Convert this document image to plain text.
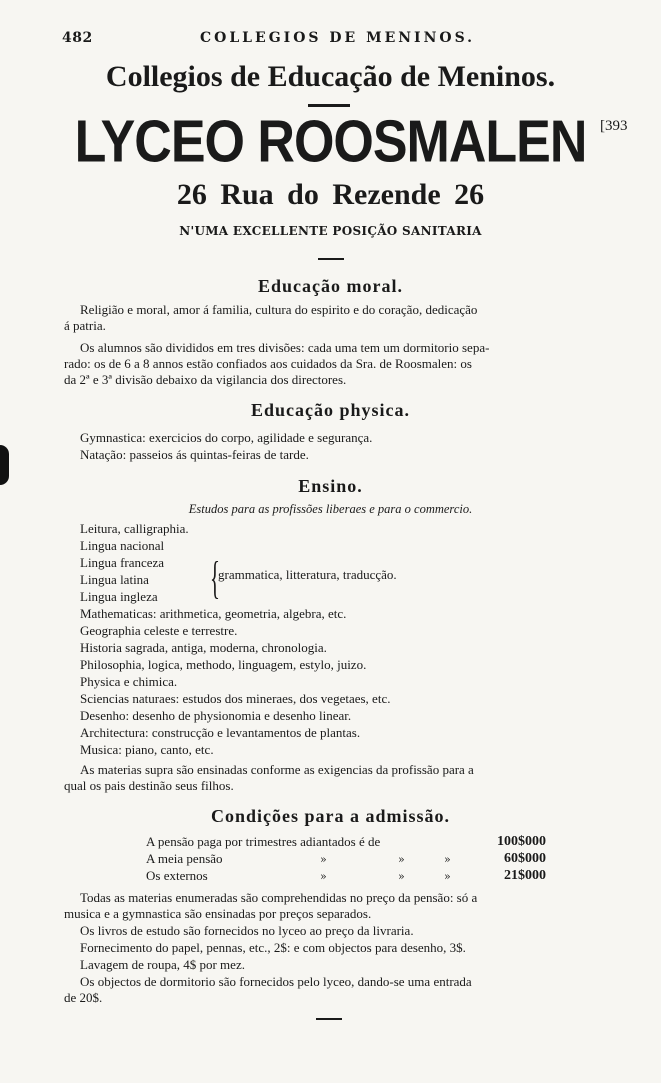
482	COLLEGIOS DE MENINOS.
Collegios de Educação de Meninos.
LYCEO ROOSMALEN [393
26 Rua do Rezende 26
N'UMA EXCELLENTE POSIÇÃO SANITARIA
Educação moral.
Religião e moral, amor á familia, cultura do espirito e do coração, dedicação
á patria.
Os alumnos são divididos em tres divisões: cada uma tem um dormitorio sepa-
rado: os de 6 a 8 annos estão confiados aos cuidados da Sra. de Roosmalen: os
da 2ª e 3ª divisão debaixo da vigilancia dos directores.
Educação physica.
Gymnastica: exercicios do corpo, agilidade e segurança.
Natação: passeios ás quintas-feiras de tarde.
Ensino.
Estudos para as profissões liberaes e para o commercio.
Leitura, calligraphia.
Lingua nacional
Lingua franceza
Lingua latina
Lingua ingleza {
grammatica, litteratura, traducção.
Mathematicas: arithmetica, geometria, algebra, etc.
Geographia celeste e terrestre.
Historia sagrada, antiga, moderna, chronologia.
Philosophia, logica, methodo, linguagem, estylo, juizo.
Physica e chimica.
Sciencias naturaes: estudos dos mineraes, dos vegetaes, etc.
Desenho: desenho de physionomia e desenho linear.
Architectura: construcção e levantamentos de plantas.
Musica: piano, canto, etc.
As materias supra são ensinadas conforme as exigencias da profissão para a
qual os pais destinão seus filhos.
Condições para a admissão.
A pensão paga por trimestres adiantados é de	100$000
A meia pensão	»	»	»	60$000
Os externos	»	»	»	21$000
Todas as materias enumeradas são comprehendidas no preço da pensão: só a
musica e a gymnastica são ensinadas por preços separados.
Os livros de estudo são fornecidos no lyceo ao preço da livraria.
Fornecimento do papel, pennas, etc., 2$: e com objectos para desenho, 3$.
Lavagem de roupa, 4$ por mez.
Os objectos de dormitorio são fornecidos pelo lyceo, dando-se uma entrada
de 20$.
